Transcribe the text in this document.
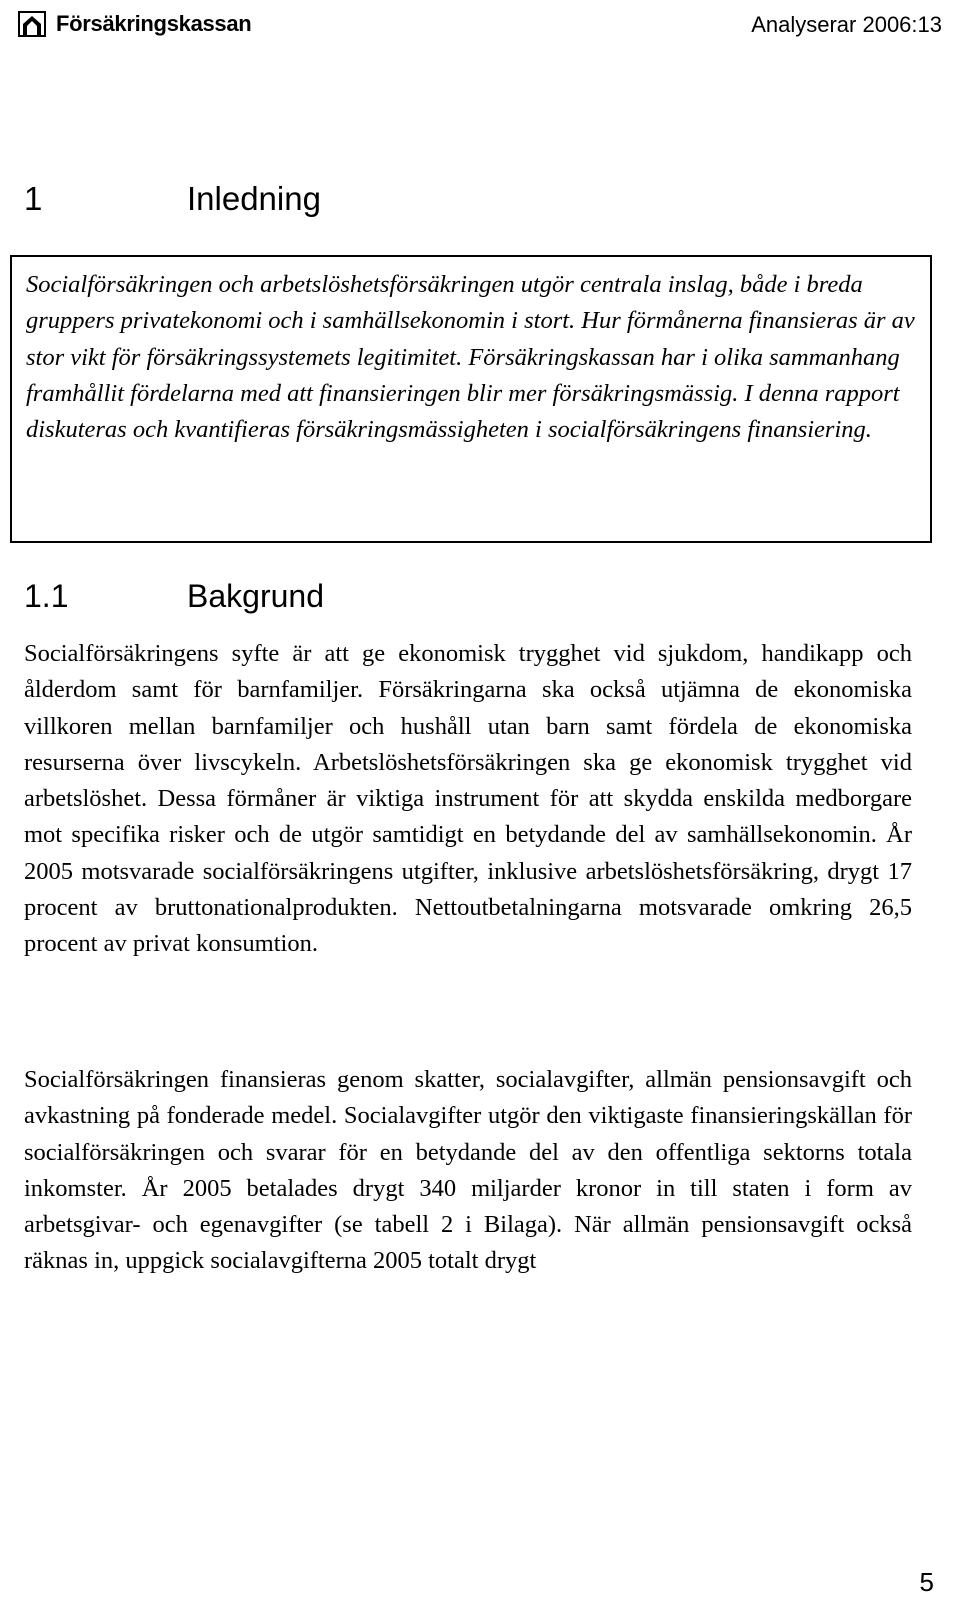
Försäkringskassan	Analyserar 2006:13
1	Inledning

Socialförsäkringen och arbetslöshetsförsäkringen utgör centrala inslag, både i breda gruppers privatekonomi och i samhällsekonomin i stort. Hur förmånerna finansieras är av stor vikt för försäkringssystemets legitimitet. Försäkringskassan har i olika sammanhang framhållit fördelarna med att finansieringen blir mer försäkringsmässig. I denna rapport diskuteras och kvantifieras försäkringsmässigheten i socialförsäkringens finansiering.

1.1	Bakgrund

Socialförsäkringens syfte är att ge ekonomisk trygghet vid sjukdom, handikapp och ålderdom samt för barnfamiljer. Försäkringarna ska också utjämna de ekonomiska villkoren mellan barnfamiljer och hushåll utan barn samt fördela de ekonomiska resurserna över livscykeln. Arbetslöshetsförsäkringen ska ge ekonomisk trygghet vid arbetslöshet. Dessa förmåner är viktiga instrument för att skydda enskilda medborgare mot specifika risker och de utgör samtidigt en betydande del av samhällsekonomin. År 2005 motsvarade socialförsäkringens utgifter, inklusive arbetslöshetsförsäkring, drygt 17 procent av bruttonationalprodukten. Nettoutbetalningarna motsvarade omkring 26,5 procent av privat konsumtion.

Socialförsäkringen finansieras genom skatter, socialavgifter, allmän pensionsavgift och avkastning på fonderade medel. Socialavgifter utgör den viktigaste finansieringskällan för socialförsäkringen och svarar för en betydande del av den offentliga sektorns totala inkomster. År 2005 betalades drygt 340 miljarder kronor in till staten i form av arbetsgivar- och egenavgifter (se tabell 2 i Bilaga). När allmän pensionsavgift också räknas in, uppgick socialavgifterna 2005 totalt drygt

5
